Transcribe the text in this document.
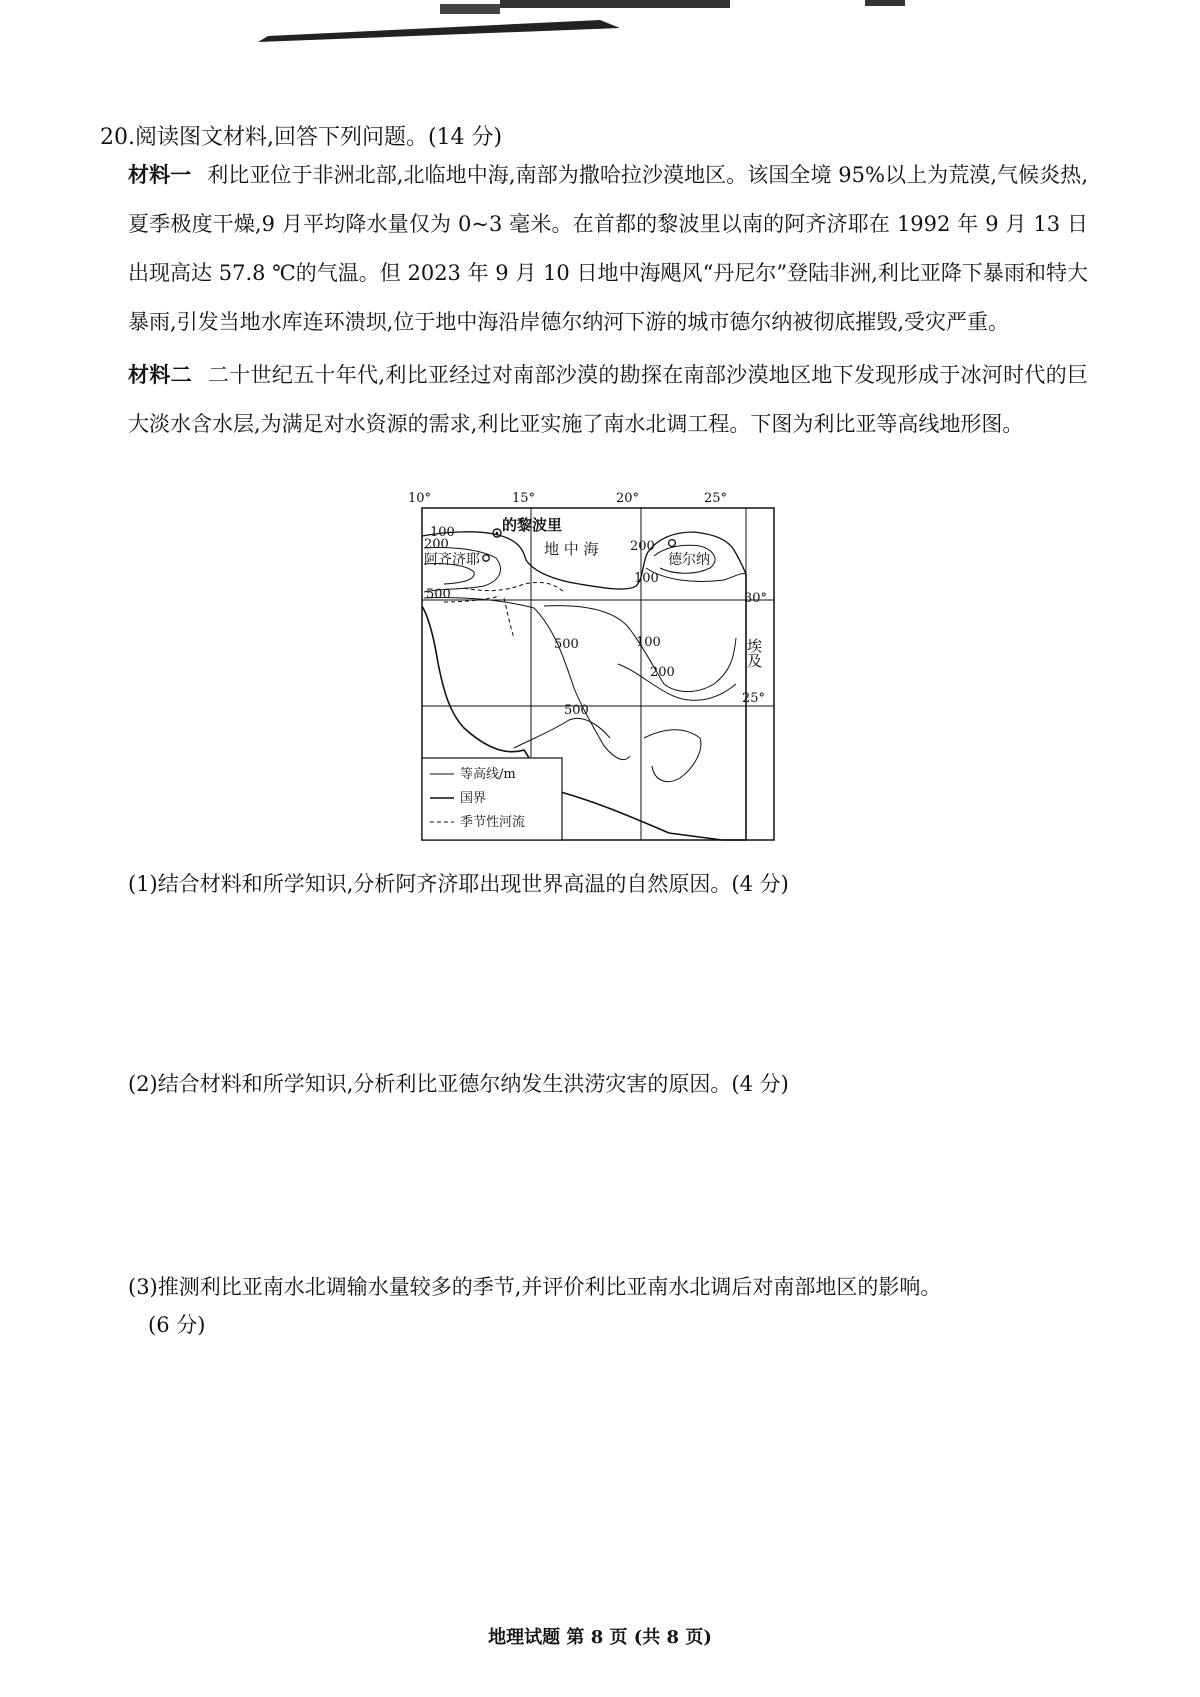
20.阅读图文材料,回答下列问题。(14 分)
材料一 利比亚位于非洲北部,北临地中海,南部为撒哈拉沙漠地区。该国全境 95%以上为荒漠,气候炎热,夏季极度干燥,9 月平均降水量仅为 0~3 毫米。在首都的黎波里以南的阿齐济耶在 1992 年 9 月 13 日出现高达 57.8 ℃的气温。但 2023 年 9 月 10 日地中海飓风“丹尼尔”登陆非洲,利比亚降下暴雨和特大暴雨,引发当地水库连环溃坝,位于地中海沿岸德尔纳河下游的城市德尔纳被彻底摧毁,受灾严重。
材料二 二十世纪五十年代,利比亚经过对南部沙漠的勘探在南部沙漠地区地下发现形成于冰河时代的巨大淡水含水层,为满足对水资源的需求,利比亚实施了南水北调工程。下图为利比亚等高线地形图。
10°	15°	20°	25°
30°
25°
的黎波里
阿齐济耶
地 中 海
德尔纳
埃及
100
200
500
200
100
500	100
200
500
等高线/m
国界
季节性河流
(1)结合材料和所学知识,分析阿齐济耶出现世界高温的自然原因。(4 分)
(2)结合材料和所学知识,分析利比亚德尔纳发生洪涝灾害的原因。(4 分)
(3)推测利比亚南水北调输水量较多的季节,并评价利比亚南水北调后对南部地区的影响。
(6 分)
地理试题 第 8 页 (共 8 页)
